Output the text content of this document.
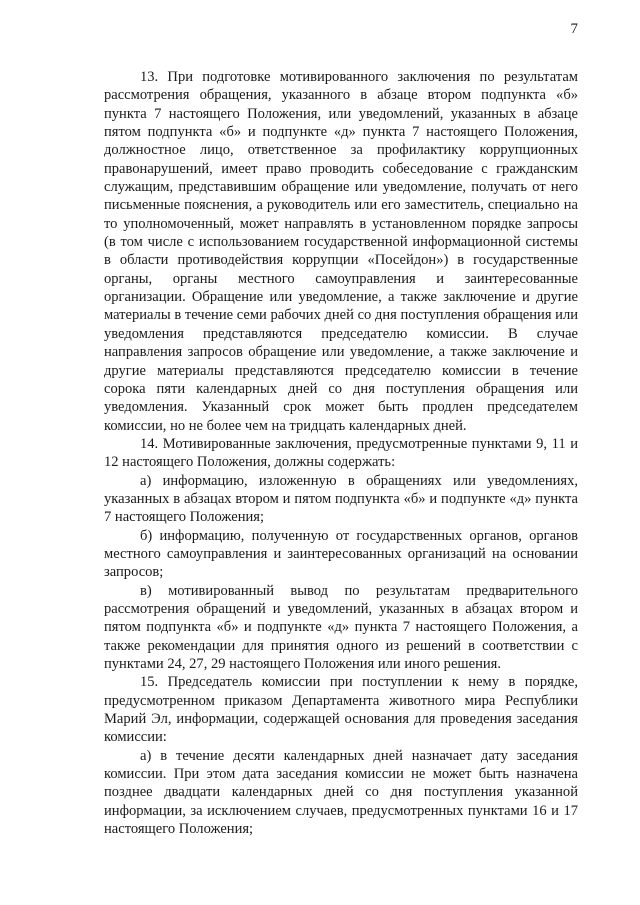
7

13. При подготовке мотивированного заключения по результатам рассмотрения обращения, указанного в абзаце втором подпункта «б» пункта 7 настоящего Положения, или уведомлений, указанных в абзаце пятом подпункта «б» и подпункте «д» пункта 7 настоящего Положения, должностное лицо, ответственное за профилактику коррупционных правонарушений, имеет право проводить собеседование с гражданским служащим, представившим обращение или уведомление, получать от него письменные пояснения, а руководитель или его заместитель, специально на то уполномоченный, может направлять в установленном порядке запросы (в том числе с использованием государственной информационной системы в области противодействия коррупции «Посейдон») в государственные органы, органы местного самоуправления и заинтересованные организации. Обращение или уведомление, а также заключение и другие материалы в течение семи рабочих дней со дня поступления обращения или уведомления представляются председателю комиссии. В случае направления запросов обращение или уведомление, а также заключение и другие материалы представляются председателю комиссии в течение сорока пяти календарных дней со дня поступления обращения или уведомления. Указанный срок может быть продлен председателем комиссии, но не более чем на тридцать календарных дней.

14. Мотивированные заключения, предусмотренные пунктами 9, 11 и 12 настоящего Положения, должны содержать:

а) информацию, изложенную в обращениях или уведомлениях, указанных в абзацах втором и пятом подпункта «б» и подпункте «д» пункта 7 настоящего Положения;

б) информацию, полученную от государственных органов, органов местного самоуправления и заинтересованных организаций на основании запросов;

в) мотивированный вывод по результатам предварительного рассмотрения обращений и уведомлений, указанных в абзацах втором и пятом подпункта «б» и подпункте «д» пункта 7 настоящего Положения, а также рекомендации для принятия одного из решений в соответствии с пунктами 24, 27, 29 настоящего Положения или иного решения.

15. Председатель комиссии при поступлении к нему в порядке, предусмотренном приказом Департамента животного мира Республики Марий Эл, информации, содержащей основания для проведения заседания комиссии:

а) в течение десяти календарных дней назначает дату заседания комиссии. При этом дата заседания комиссии не может быть назначена позднее двадцати календарных дней со дня поступления указанной информации, за исключением случаев, предусмотренных пунктами 16 и 17 настоящего Положения;
